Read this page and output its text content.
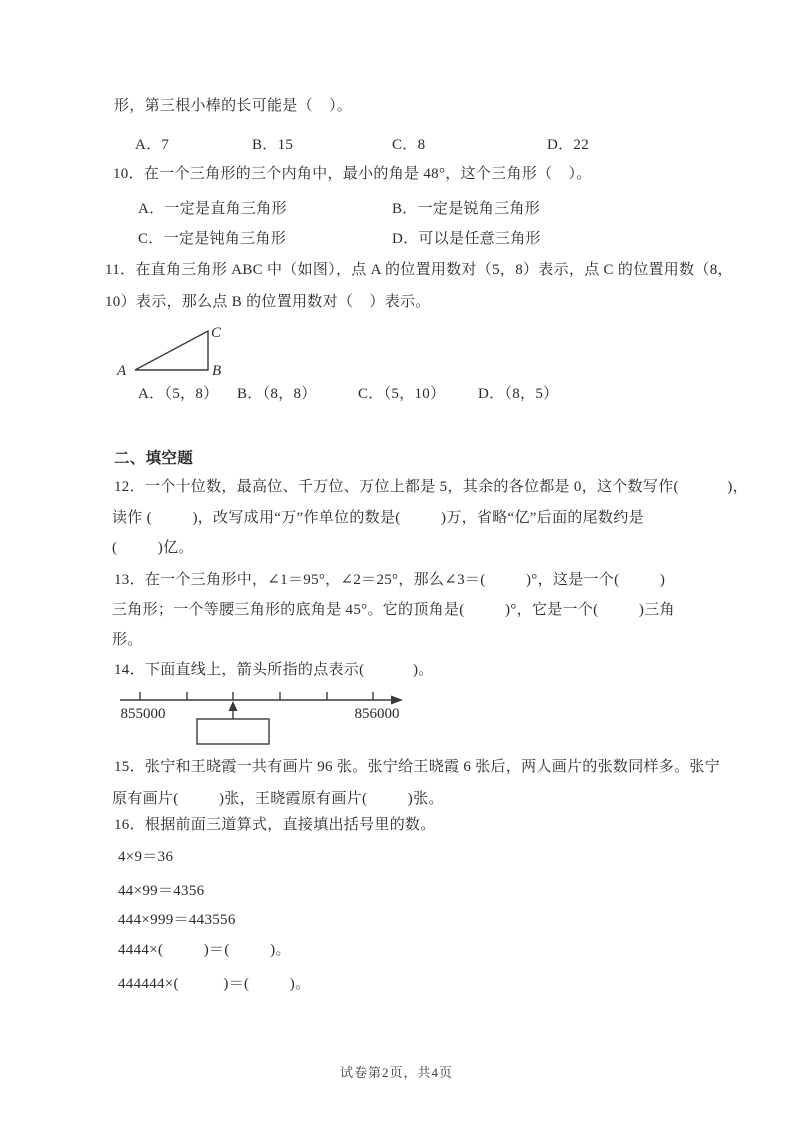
形，第三根小棒的长可能是（    ）。
A．7	B．15	C．8	D．22
10．在一个三角形的三个内角中，最小的角是 48°，这个三角形（    ）。
A．一定是直角三角形	B．一定是锐角三角形
C．一定是钝角三角形	D．可以是任意三角形
11．在直角三角形 ABC 中（如图），点 A 的位置用数对（5，8）表示，点 C 的位置用数（8，
10）表示，那么点 B 的位置用数对（    ）表示。
A	B
C
A．（5，8） B．（8，8）	C．（5，10） D．（8，5）
二、填空题
12．一个十位数，最高位、千万位、万位上都是 5，其余的各位都是 0，这个数写作(            )，
读作 (          )，改写成用“万”作单位的数是(          )万，省略“亿”后面的尾数约是
(          )亿。
13．在一个三角形中，∠1＝95°，∠2＝25°，那么∠3＝(          )°，这是一个(          )
三角形；一个等腰三角形的底角是 45°。它的顶角是(          )°，它是一个(          )三角
形。
14．下面直线上，箭头所指的点表示(            )。
855000	856000
15．张宁和王晓霞一共有画片 96 张。张宁给王晓霞 6 张后，两人画片的张数同样多。张宁
原有画片(          )张，王晓霞原有画片(          )张。
16．根据前面三道算式，直接填出括号里的数。
4×9＝36
44×99＝4356
444×999＝443556
4444×(          )＝(          )。
444444×(           )＝(          )。
试卷第2页，共4页
